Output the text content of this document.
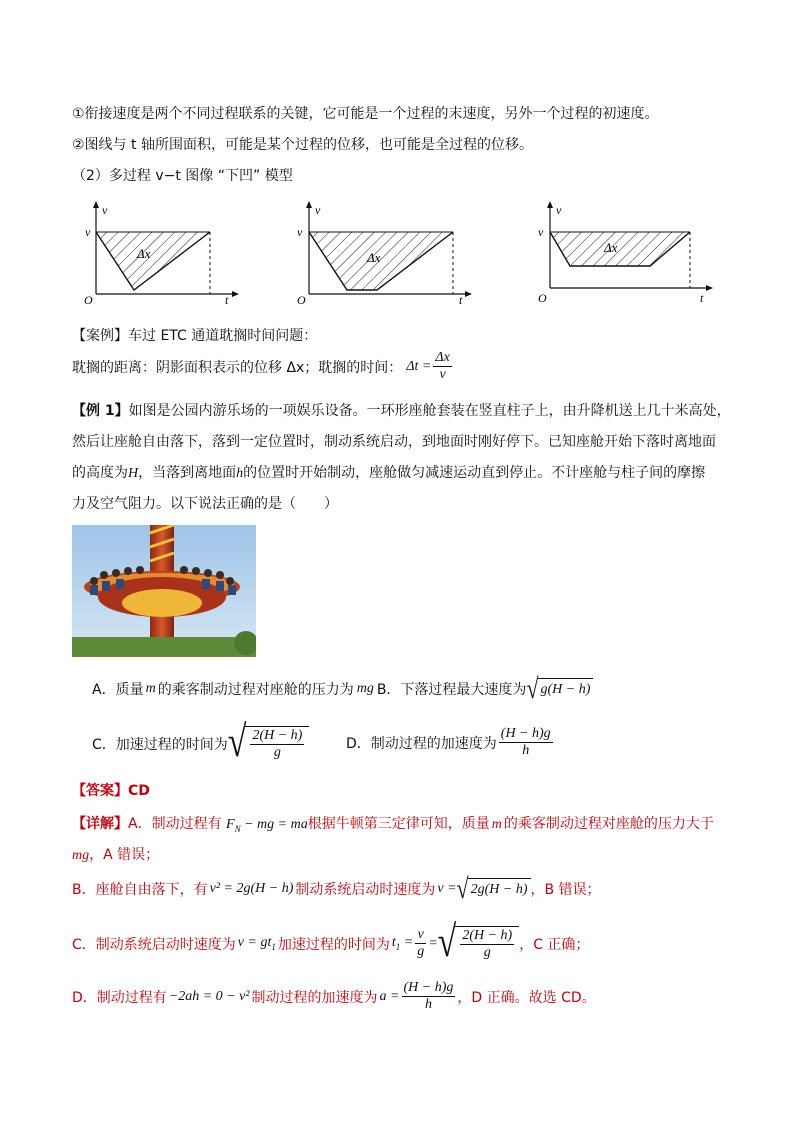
①衔接速度是两个不同过程联系的关键，它可能是一个过程的末速度，另外一个过程的初速度。
②图线与 t 轴所围面积，可能是某个过程的位移，也可能是全过程的位移。
（2）多过程 v−t 图像 “下凹” 模型
v
v
Δx
O	t
v
v
Δx
O	t
v
v
Δx
O	t
【案例】车过 ETC 通道耽搁时间问题：
耽搁的距离：阴影面积表示的位移 Δx；耽搁的时间： $\Delta t = \frac{\Delta x}{v}$
【例 1】如图是公园内游乐场的一项娱乐设备。一环形座舱套装在竖直柱子上，由升降机送上几十米高处，
然后让座舱自由落下，落到一定位置时，制动系统启动，到地面时刚好停下。已知座舱开始下落时离地面
的高度为H，当落到离地面h的位置时开始制动，座舱做匀减速运动直到停止。不计座舱与柱子间的摩擦
力及空气阻力。以下说法正确的是（　　）
A．质量 m 的乘客制动过程对座舱的压力为 mg B．下落过程最大速度为 √ g(H − h)
C．加速过程的时间为 √ $\frac{2(H - h)}{g}$	D．制动过程的加速度为 $\frac{(H - h)g}{h}$
【答案】CD
【详解】A．制动过程有 $F_N$ − mg = ma根据牛顿第三定律可知，质量 m 的乘客制动过程对座舱的压力大于
mg，A 错误；
B．座舱自由落下，有 v² = 2g(H − h) 制动系统启动时速度为 v = √ 2g(H − h) ，B 错误；
C．制动系统启动时速度为 $v = gt_1$ 加速过程的时间为 $t_1 = \frac{v}{g}$ = √ $\frac{2(H - h)}{g}$ ，C 正确；
D．制动过程有 −2ah = 0 − v² 制动过程的加速度为 $a = \frac{(H - h)g}{h}$ ，D 正确。故选 CD。
